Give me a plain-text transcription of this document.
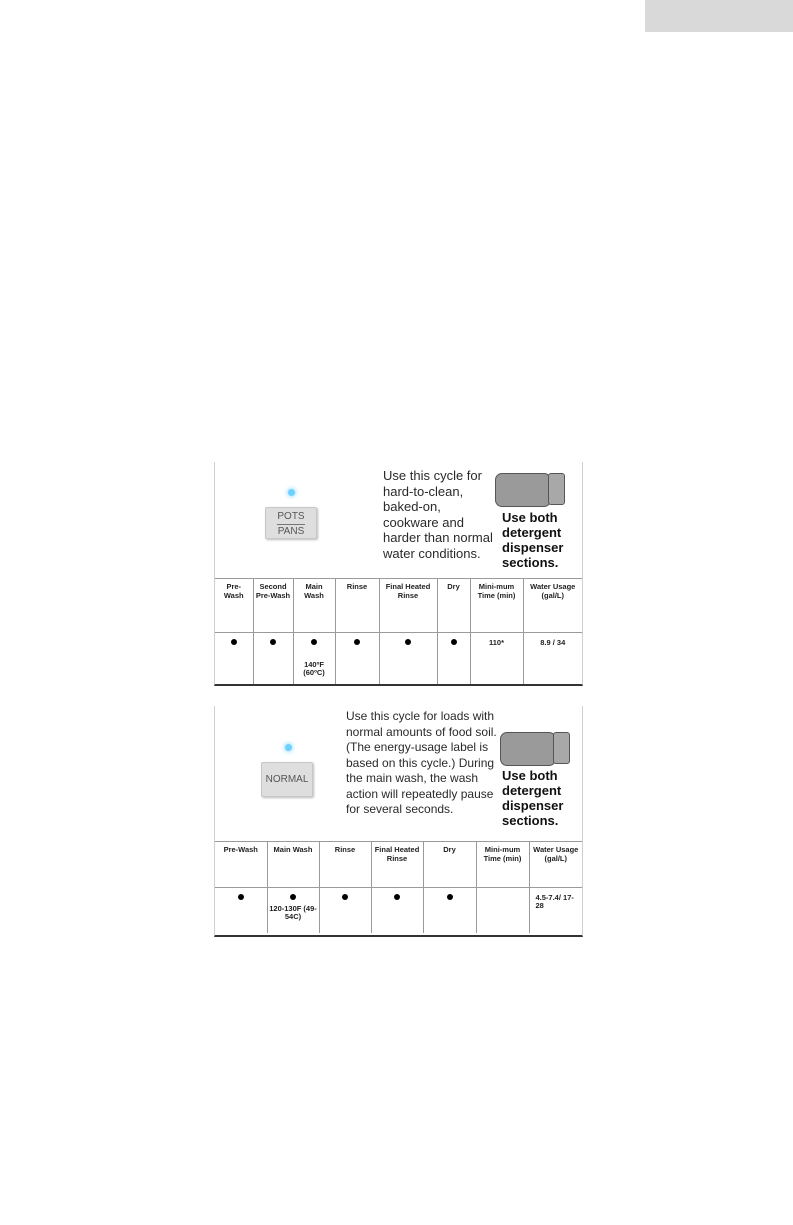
POTS
PANS
Use this cycle for hard-to-clean, baked-on, cookware and harder than normal water conditions.
Use both detergent dispenser sections.
Pre-Wash	Second Pre-Wash	Main Wash	Rinse	Final Heated Rinse	Dry	Mini-mum Time (min)	Water Usage (gal/L)

		140ºF (60ºC)				110*	8.9 / 34
NORMAL
Use this cycle for loads with normal amounts of food soil. (The energy-usage label is based on this cycle.) During the main wash, the wash action will repeatedly pause for several seconds.
Use both detergent dispenser sections.
Pre-Wash	Main Wash	Rinse	Final Heated Rinse	Dry	Mini-mum Time (min)	Water Usage (gal/L)

	120-130F (49-54C)					4.5-7.4/ 17-28
